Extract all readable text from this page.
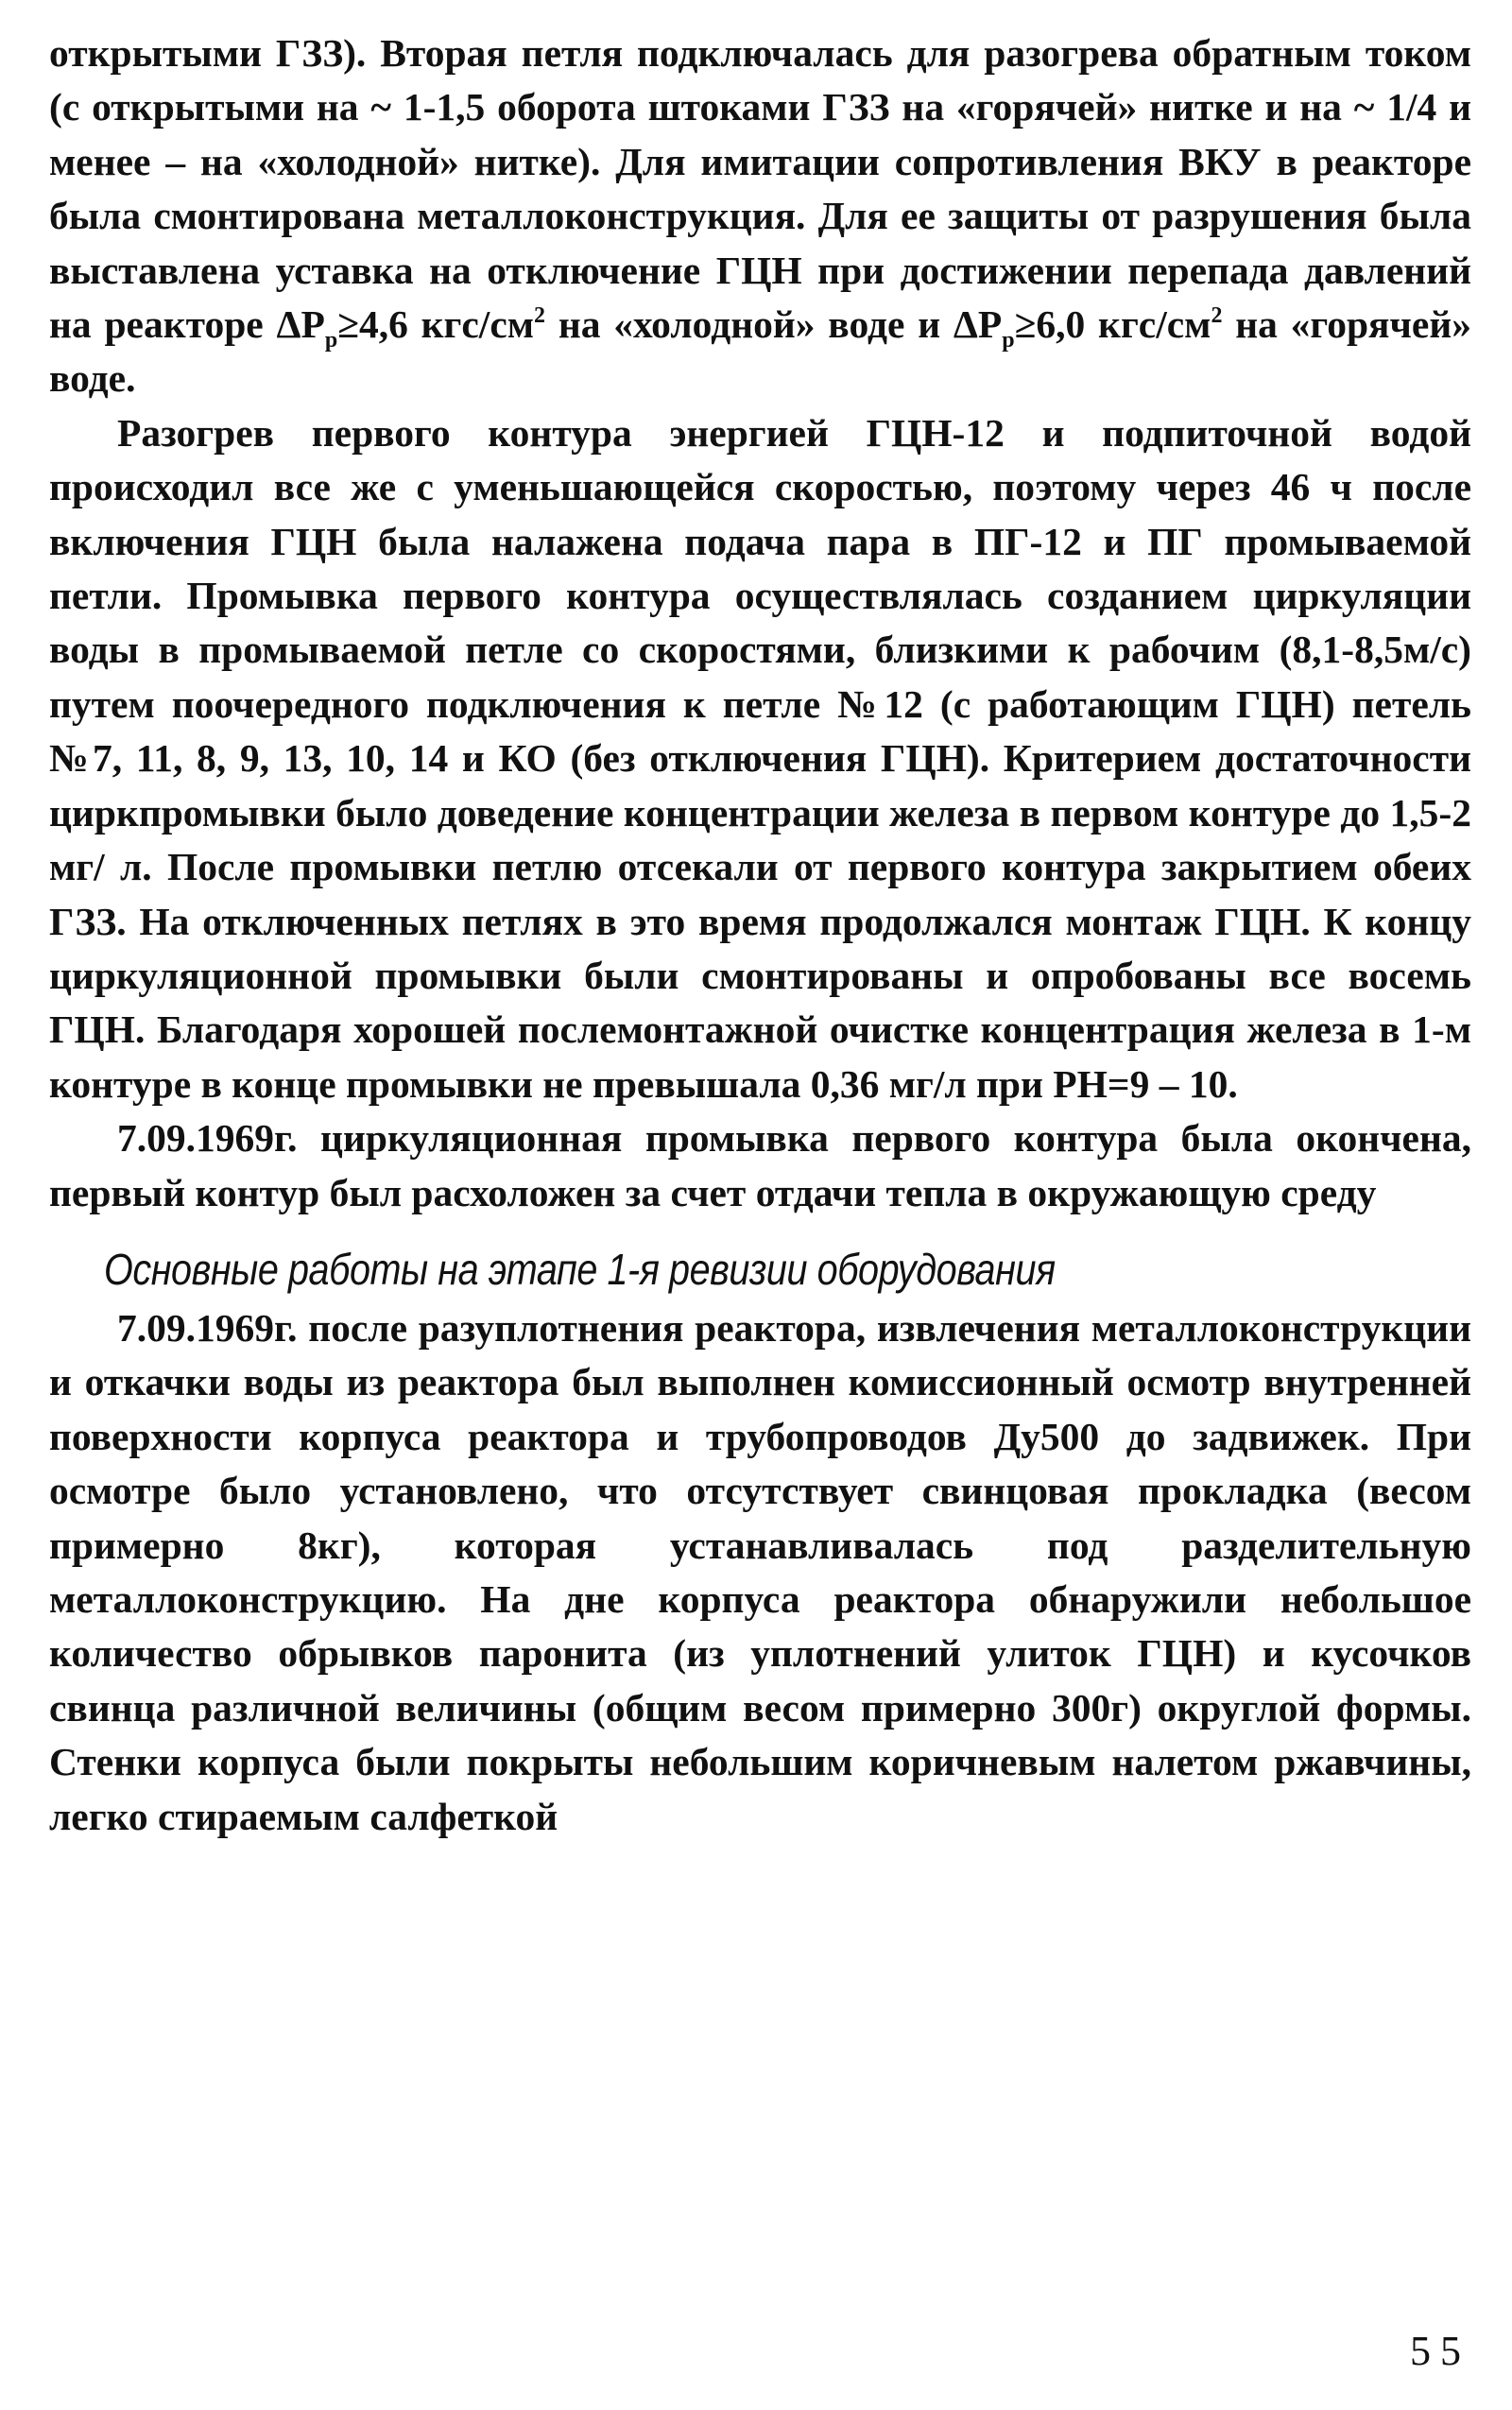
открытыми ГЗЗ). Вторая петля подключалась для разогрева обратным током (с открытыми на ~ 1-1,5 оборота штоками ГЗЗ на «горячей» нитке и на ~ 1/4 и менее – на «холодной» нитке). Для имитации сопротивления ВКУ в реакторе была смонтирована металлоконструкция. Для ее защиты от разрушения была выставлена уставка на отключение ГЦН при достижении перепада давлений на реакторе $\Delta Р_р\ge 4,6$ кгс/$см^2$ на «холодной» воде и $\Delta Р_р\ge 6,0$ кгс/$см^2$ на «горячей» воде.

Разогрев первого контура энергией ГЦН-12 и подпиточной водой происходил все же с уменьшающейся скоростью, поэтому через 46 ч после включения ГЦН была налажена подача пара в ПГ-12 и ПГ промываемой петли. Промывка первого контура осуществлялась созданием циркуляции воды в промываемой петле со скоростями, близкими к рабочим (8,1-8,5м/с) путем поочередного подключения к петле №12 (с работающим ГЦН) петель №7, 11, 8, 9, 13, 10, 14 и КО (без отключения ГЦН). Критерием достаточности циркпромывки было доведение концентрации железа в первом контуре до 1,5-2 мг/ л. После промывки петлю отсекали от первого контура закрытием обеих ГЗЗ. На отключенных петлях в это время продолжался монтаж ГЦН. К концу циркуляционной промывки были смонтированы и опробованы все восемь ГЦН. Благодаря хорошей послемонтажной очистке концентрация железа в 1-м контуре в конце промывки не превышала 0,36 мг/л при РН=9 – 10.

7.09.1969г. циркуляционная промывка первого контура была окончена, первый контур был расхоложен за счет отдачи тепла в окружающую среду

Основные работы на этапе 1-я ревизии оборудования

7.09.1969г. после разуплотнения реактора, извлечения металлоконструкции и откачки воды из реактора был выполнен комиссионный осмотр внутренней поверхности корпуса реактора и трубопроводов Ду500 до задвижек. При осмотре было установлено, что отсутствует свинцовая прокладка (весом примерно 8кг), которая устанавливалась под разделительную металлоконструкцию. На дне корпуса реактора обнаружили небольшое количество обрывков паронита (из уплотнений улиток ГЦН) и кусочков свинца различной величины (общим весом примерно 300г) округлой формы. Стенки корпуса были покрыты небольшим коричневым налетом ржавчины, легко стираемым салфеткой

55
